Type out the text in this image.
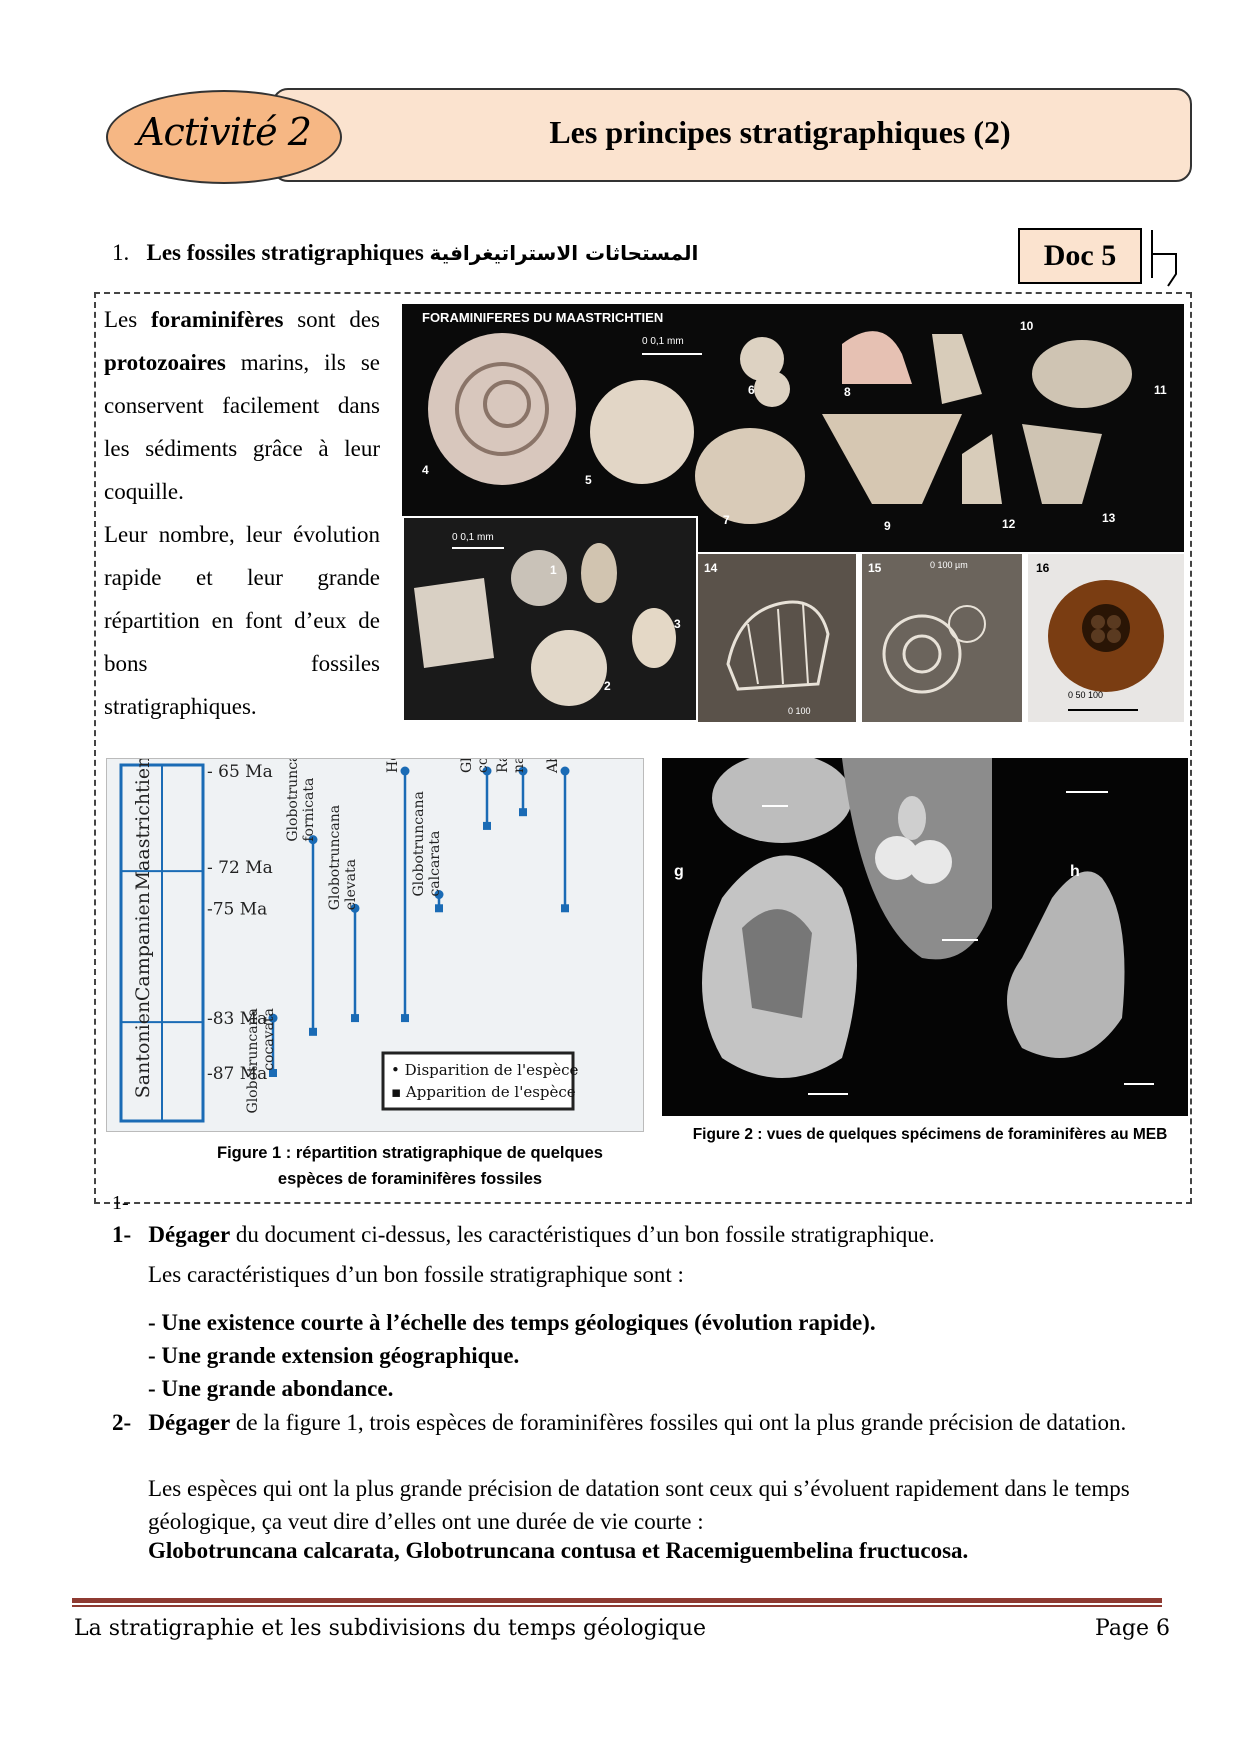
Les principes stratigraphiques (2)
Activité 2
1. Les fossiles stratigraphiques المستحاثات الاستراتيغرافية	Doc 5
Les foraminifères sont des protozoaires marins, ils se conservent facilement dans les sédiments grâce à leur coquille.
Leur nombre, leur évolution rapide et leur grande répartition en font d’eux de bons fossiles stratigraphiques.
FORAMINIFERES DU MAASTRICHTIEN
0 0,1 mm
4
5
6
7
8
9
10
11
12	13
0 0,1 mm
1
2
3
14
0 100
15	0 100 µm	16
0 50 100
Maastrichtien
Campanien
Santonien
- 65 Ma
- 72 Ma
-75 Ma
-83 Ma
-87 Ma
Globotruncana cocavata
Globotruncana fornicata Globotruncana elevata	Globotruncana calcarata
• Disparition de l'espèce
▪ Apparition de l'espèce
Figure 1 : répartition stratigraphique de quelques
espèces de foraminifères fossiles
g	h
Figure 2 : vues de quelques spécimens de foraminifères au MEB
1-
1- Dégager du document ci-dessus, les caractéristiques d’un bon fossile stratigraphique.
Les caractéristiques d’un bon fossile stratigraphique sont :
- Une existence courte à l’échelle des temps géologiques (évolution rapide).
- Une grande extension géographique.
- Une grande abondance.
2- Dégager de la figure 1, trois espèces de foraminifères fossiles qui ont la plus grande précision de datation.
Les espèces qui ont la plus grande précision de datation sont ceux qui s’évoluent rapidement dans le temps géologique, ça veut dire d’elles ont une durée de vie courte :
Globotruncana calcarata, Globotruncana contusa et Racemiguembelina fructucosa.
La stratigraphie et les subdivisions du temps géologique	Page 6
